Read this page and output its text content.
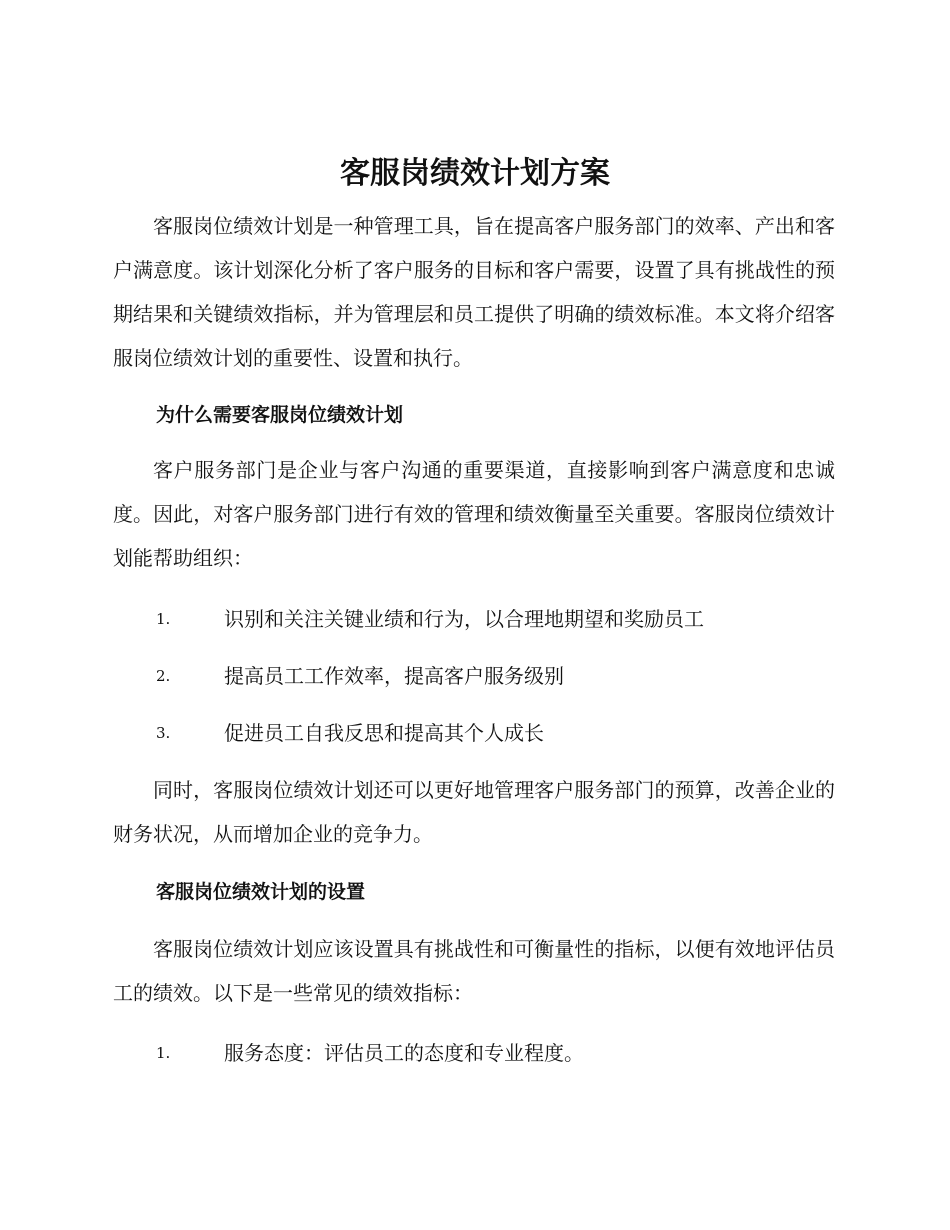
客服岗绩效计划方案

客服岗位绩效计划是一种管理工具，旨在提高客户服务部门的效率、产出和客户满意度。该计划深化分析了客户服务的目标和客户需要，设置了具有挑战性的预期结果和关键绩效指标，并为管理层和员工提供了明确的绩效标准。本文将介绍客服岗位绩效计划的重要性、设置和执行。

为什么需要客服岗位绩效计划

客户服务部门是企业与客户沟通的重要渠道，直接影响到客户满意度和忠诚度。因此，对客户服务部门进行有效的管理和绩效衡量至关重要。客服岗位绩效计划能帮助组织：

1.	识别和关注关键业绩和行为，以合理地期望和奖励员工
2.	提高员工工作效率，提高客户服务级别
3.	促进员工自我反思和提高其个人成长

同时，客服岗位绩效计划还可以更好地管理客户服务部门的预算，改善企业的财务状况，从而增加企业的竞争力。

客服岗位绩效计划的设置

客服岗位绩效计划应该设置具有挑战性和可衡量性的指标，以便有效地评估员工的绩效。以下是一些常见的绩效指标：

1.	服务态度：评估员工的态度和专业程度。
